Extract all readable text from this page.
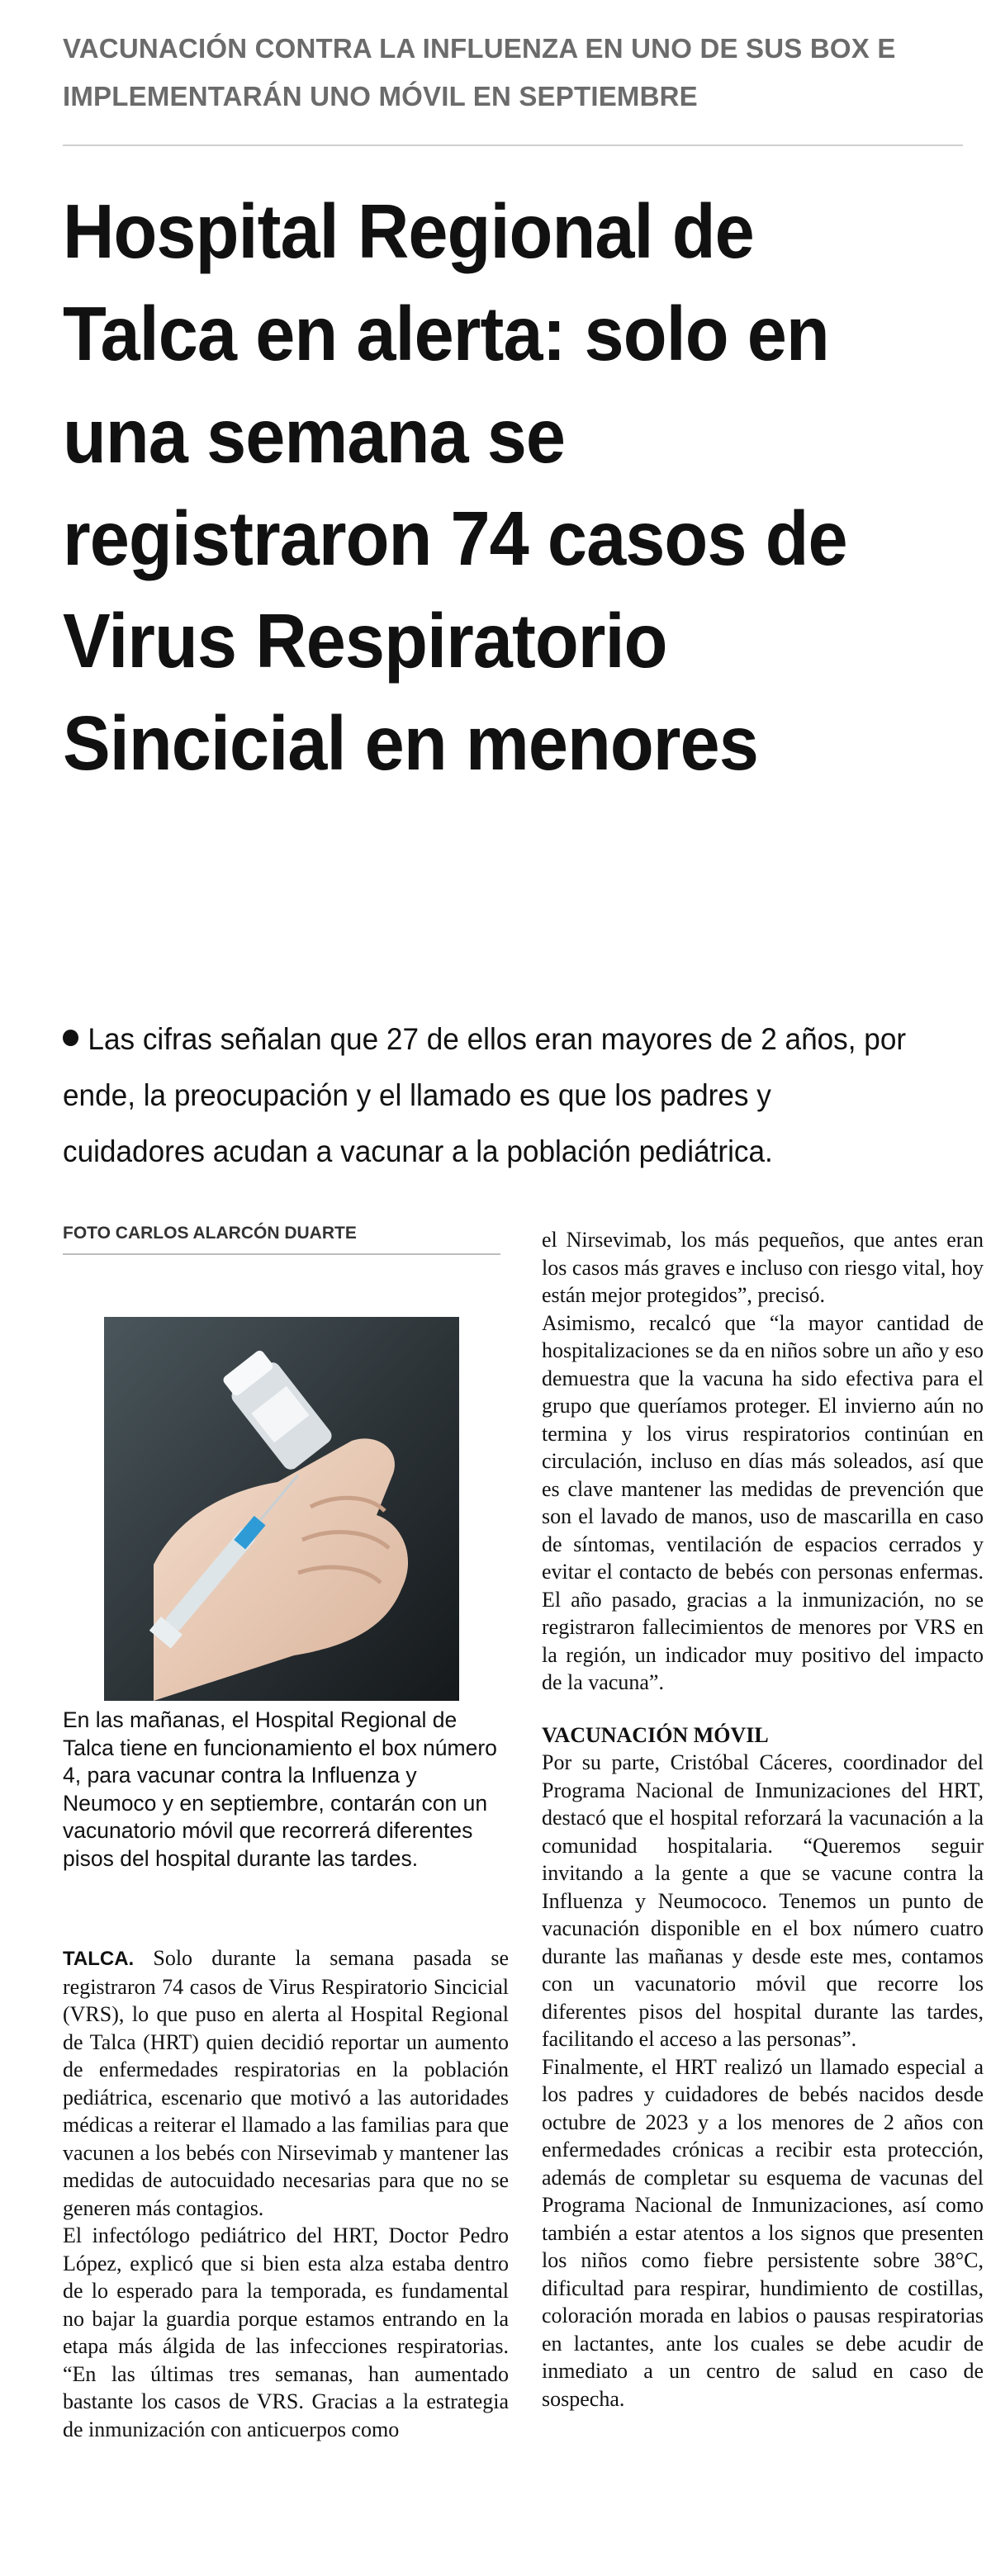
VACUNACIÓN CONTRA LA INFLUENZA EN UNO DE SUS BOX E IMPLEMENTARÁN UNO MÓVIL EN SEPTIEMBRE
Hospital Regional de Talca en alerta: solo en una semana se registraron 74 casos de Virus Respiratorio Sincicial en menores

Las cifras señalan que 27 de ellos eran mayores de 2 años, por ende, la preocupación y el llamado es que los padres y cuidadores acudan a vacunar a la población pediátrica.

FOTO CARLOS ALARCÓN DUARTE

En las mañanas, el Hospital Regional de Talca tiene en funcionamiento el box número 4, para vacunar contra la Influenza y Neumoco y en septiembre, contarán con un vacunatorio móvil que recorrerá diferentes pisos del hospital durante las tardes.

TALCA. Solo durante la semana pasada se registraron 74 casos de Virus Respiratorio Sincicial (VRS), lo que puso en alerta al Hospital Regional de Talca (HRT) quien decidió reportar un aumento de enfermedades respiratorias en la población pediátrica, escenario que motivó a las autoridades médicas a reiterar el llamado a las familias para que vacunen a los bebés con Nirsevimab y mantener las medidas de autocuidado necesarias para que no se generen más contagios.

El infectólogo pediátrico del HRT, Doctor Pedro López, explicó que si bien esta alza estaba dentro de lo esperado para la temporada, es fundamental no bajar la guardia porque estamos entrando en la etapa más álgida de las infecciones respiratorias. “En las últimas tres semanas, han aumentado bastante los casos de VRS. Gracias a la estrategia de inmunización con anticuerpos como

el Nirsevimab, los más pequeños, que antes eran los casos más graves e incluso con riesgo vital, hoy están mejor protegidos”, precisó.

Asimismo, recalcó que “la mayor cantidad de hospitalizaciones se da en niños sobre un año y eso demuestra que la vacuna ha sido efectiva para el grupo que queríamos proteger. El invierno aún no termina y los virus respiratorios continúan en circulación, incluso en días más soleados, así que es clave mantener las medidas de prevención que son el lavado de manos, uso de mascarilla en caso de síntomas, ventilación de espacios cerrados y evitar el contacto de bebés con personas enfermas. El año pasado, gracias a la inmunización, no se registraron fallecimientos de menores por VRS en la región, un indicador muy positivo del impacto de la vacuna”.

VACUNACIÓN MÓVIL

Por su parte, Cristóbal Cáceres, coordinador del Programa Nacional de Inmunizaciones del HRT, destacó que el hospital reforzará la vacunación a la comunidad hospitalaria. “Queremos seguir invitando a la gente a que se vacune contra la Influenza y Neumococo. Tenemos un punto de vacunación disponible en el box número cuatro durante las mañanas y desde este mes, contamos con un vacunatorio móvil que recorre los diferentes pisos del hospital durante las tardes, facilitando el acceso a las personas”.

Finalmente, el HRT realizó un llamado especial a los padres y cuidadores de bebés nacidos desde octubre de 2023 y a los menores de 2 años con enfermedades crónicas a recibir esta protección, además de completar su esquema de vacunas del Programa Nacional de Inmunizaciones, así como también a estar atentos a los signos que presenten los niños como fiebre persistente sobre 38°C, dificultad para respirar, hundimiento de costillas, coloración morada en labios o pausas respiratorias en lactantes, ante los cuales se debe acudir de inmediato a un centro de salud en caso de sospecha.
